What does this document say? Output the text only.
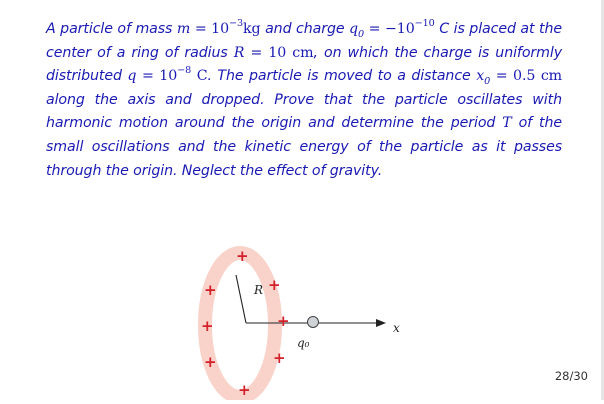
A particle of mass $m = 10^{-3}kg$ and charge $q_0 = -10^{-10}$ C is placed at the center of a ring of radius R = 10 cm, on which the charge is uniformly distributed $q = 10^{-8}$ C. The particle is moved to a distance $x_0 = 0.5$ cm along the axis and dropped. Prove that the particle oscillates with harmonic motion around the origin and determine the period T of the small oscillations and the kinetic energy of the particle as it passes through the origin. Neglect the effect of gravity.

R
q₀
x
+
+
+
+
+
+
+
+
28/30
